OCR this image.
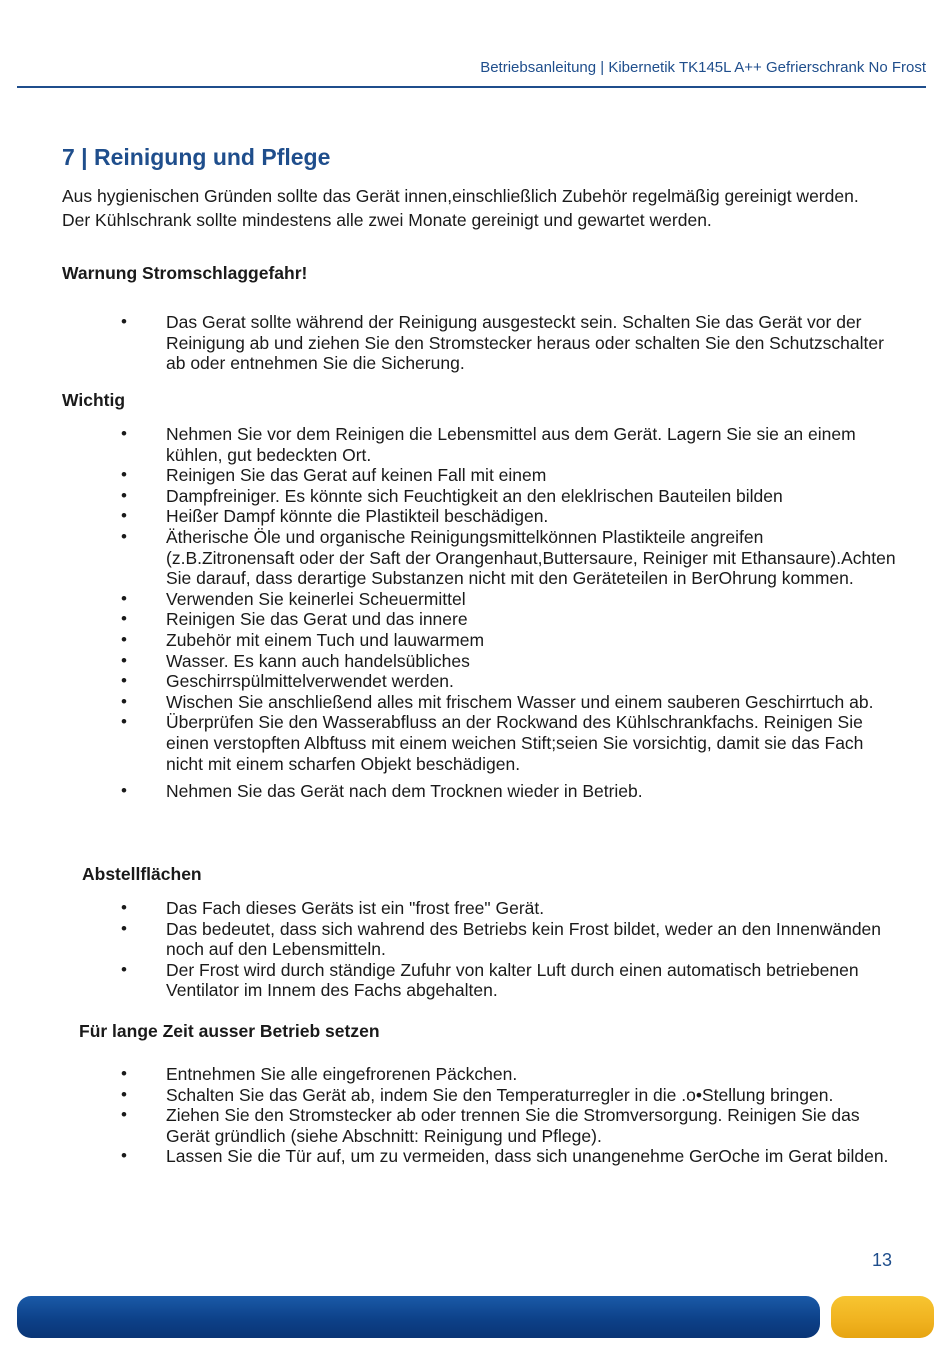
Betriebsanleitung | Kibernetik TK145L A++ Gefrierschrank No Frost
7 | Reinigung und Pflege

Aus hygienischen Gründen sollte das Gerät innen,einschließlich Zubehör regelmäßig gereinigt werden. Der Kühlschrank sollte mindestens alle zwei Monate gereinigt und gewartet werden.

Warnung Stromschlaggefahr!
• Das Gerat sollte während der Reinigung ausgesteckt sein. Schalten Sie das Gerät vor der Reinigung ab und ziehen Sie den Stromstecker heraus oder schalten Sie den Schutzschalter ab oder entnehmen Sie die Sicherung.
Wichtig
• Nehmen Sie vor dem Reinigen die Lebensmittel aus dem Gerät. Lagern Sie sie an einem kühlen, gut bedeckten Ort.
• Reinigen Sie das Gerat auf keinen Fall mit einem
• Dampfreiniger. Es könnte sich Feuchtigkeit an den eleklrischen Bauteilen bilden
• Heißer Dampf könnte die Plastikteil beschädigen.
• Ätherische Öle und organische Reinigungsmittelkönnen Plastikteile angreifen (z.B.Zitronensaft oder der Saft der Orangenhaut,Buttersaure, Reiniger mit Ethansaure).Achten Sie darauf, dass derartige Substanzen nicht mit den Geräteteilen in BerOhrung kommen.
• Verwenden Sie keinerlei Scheuermittel
• Reinigen Sie das Gerat und das innere
• Zubehör mit einem Tuch und lauwarmem
• Wasser. Es kann auch handelsübliches
• Geschirrspülmittelverwendet werden.
• Wischen Sie anschließend alles mit frischem Wasser und einem sauberen Geschirrtuch ab.
• Überprüfen Sie den Wasserabfluss an der Rockwand des Kühlschrankfachs. Reinigen Sie einen verstopften Albftuss mit einem weichen Stift;seien Sie vorsichtig, damit sie das Fach nicht mit einem scharfen Objekt beschädigen.
• Nehmen Sie das Gerät nach dem Trocknen wieder in Betrieb.
Abstellflächen
• Das Fach dieses Geräts ist ein "frost free" Gerät.
• Das bedeutet, dass sich wahrend des Betriebs kein Frost bildet, weder an den Innenwänden noch auf den Lebensmitteln.
• Der Frost wird durch ständige Zufuhr von kalter Luft durch einen automatisch betriebenen Ventilator im Innem des Fachs abgehalten.
Für lange Zeit ausser Betrieb setzen
• Entnehmen Sie alle eingefrorenen Päckchen.
• Schalten Sie das Gerät ab, indem Sie den Temperaturregler in die .o•Stellung bringen.
• Ziehen Sie den Stromstecker ab oder trennen Sie die Stromversorgung. Reinigen Sie das Gerät gründlich (siehe Abschnitt: Reinigung und Pflege).
• Lassen Sie die Tür auf, um zu vermeiden, dass sich unangenehme GerOche im Gerat bilden.
13
